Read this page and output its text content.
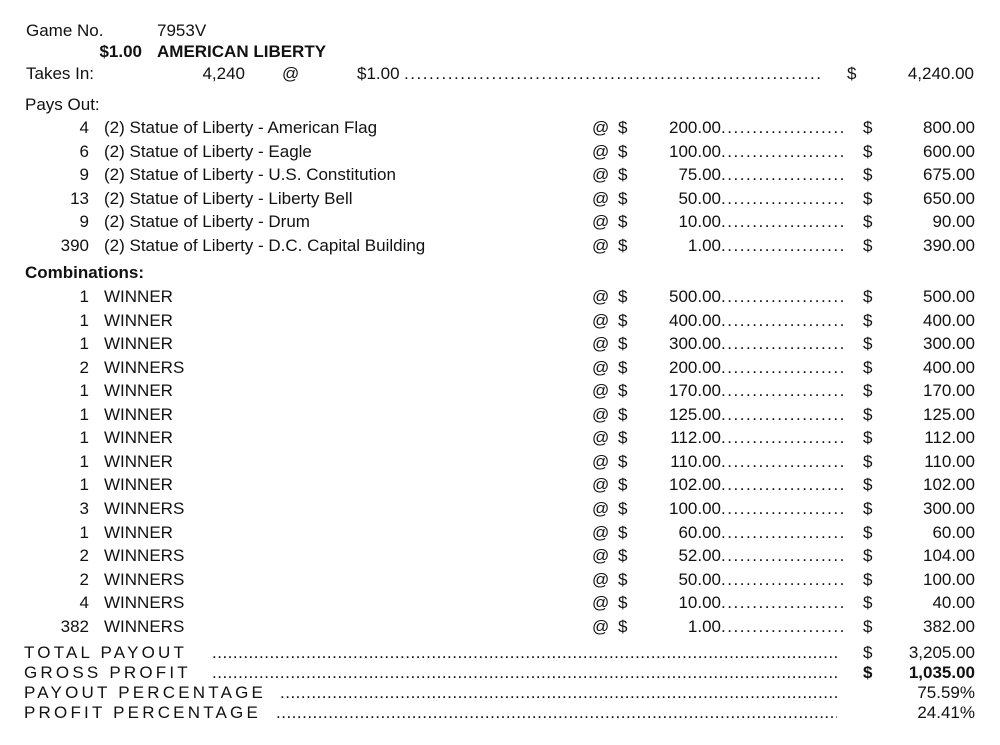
Game No.	7953V
$1.00 AMERICAN LIBERTY
Takes In:	4,240 @	$1.00 . . .	$	4,240.00
Pays Out:
4 (2) Statue of Liberty - American Flag	@ $	200.00 . . .	$	800.00
6 (2) Statue of Liberty - Eagle	@ $	100.00 . . .	$	600.00
9 (2) Statue of Liberty - U.S. Constitution	@ $	75.00 . . .	$	675.00
13 (2) Statue of Liberty - Liberty Bell	@ $	50.00 . . .	$	650.00
9 (2) Statue of Liberty - Drum	@ $	10.00 . . .	$	90.00
390 (2) Statue of Liberty - D.C. Capital Building	@ $	1.00 . . .	$	390.00
Combinations:
1 WINNER	@ $	500.00 . . .	$	500.00
1 WINNER	@ $	400.00 . . .	$	400.00
1 WINNER	@ $	300.00 . . .	$	300.00
2 WINNERS	@ $	200.00 . . .	$	400.00
1 WINNER	@ $	170.00 . . .	$	170.00
1 WINNER	@ $	125.00 . . .	$	125.00
1 WINNER	@ $	112.00 . . .	$	112.00
1 WINNER	@ $	110.00 . . .	$	110.00
1 WINNER	@ $	102.00 . . .	$	102.00
3 WINNERS	@ $	100.00 . . .	$	300.00
1 WINNER	@ $	60.00 . . .	$	60.00
2 WINNERS	@ $	52.00 . . .	$	104.00
2 WINNERS	@ $	50.00 . . .	$	100.00
4 WINNERS	@ $	10.00 . . .	$	40.00
382 WINNERS	@ $	1.00 . . .	$	382.00
TOTAL PAYOUT .....	$	3,205.00
GROSS PROFIT .....	$	1,035.00
PAYOUT PERCENTAGE .....	75.59%
PROFIT PERCENTAGE .....	24.41%
